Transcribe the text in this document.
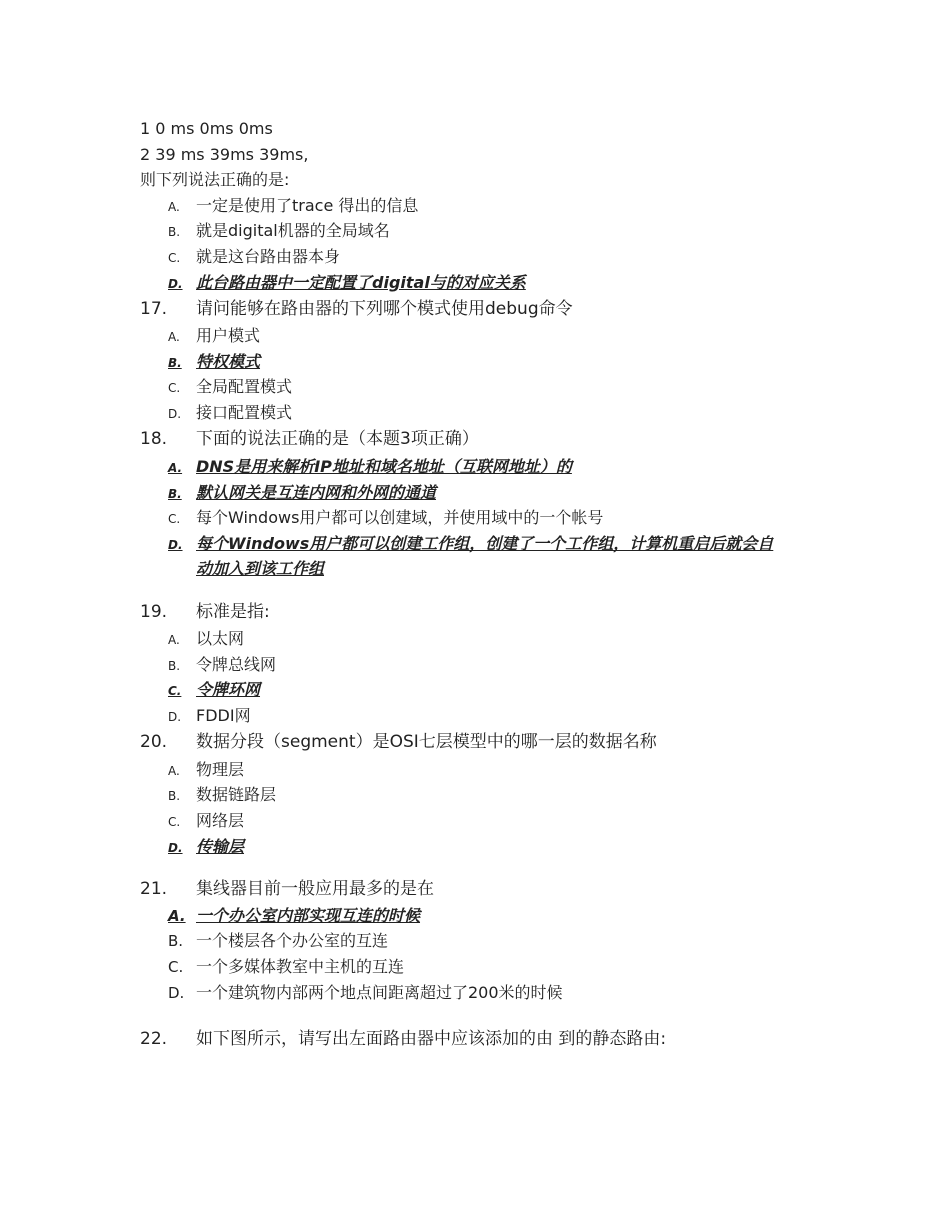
1 0 ms 0ms 0ms
2 39 ms 39ms 39ms,
则下列说法正确的是:
A. 一定是使用了trace 得出的信息
B. 就是digital机器的全局域名
C. 就是这台路由器本身
D. 此台路由器中一定配置了digital与的对应关系
17. 请问能够在路由器的下列哪个模式使用debug命令
A. 用户模式
B. 特权模式
C. 全局配置模式
D. 接口配置模式
18. 下面的说法正确的是（本题3项正确）
A. DNS是用来解析IP地址和域名地址（互联网地址）的
B. 默认网关是互连内网和外网的通道
C. 每个Windows用户都可以创建域，并使用域中的一个帐号
D. 每个Windows用户都可以创建工作组，创建了一个工作组，计算机重启后就会自
动加入到该工作组
19. 标准是指:
A. 以太网
B. 令牌总线网
C. 令牌环网
D. FDDI网
20. 数据分段（segment）是OSI七层模型中的哪一层的数据名称
A. 物理层
B. 数据链路层
C. 网络层
D. 传输层
21. 集线器目前一般应用最多的是在
A. 一个办公室内部实现互连的时候
B. 一个楼层各个办公室的互连
C. 一个多媒体教室中主机的互连
D. 一个建筑物内部两个地点间距离超过了200米的时候
22. 如下图所示，请写出左面路由器中应该添加的由 到的静态路由:
